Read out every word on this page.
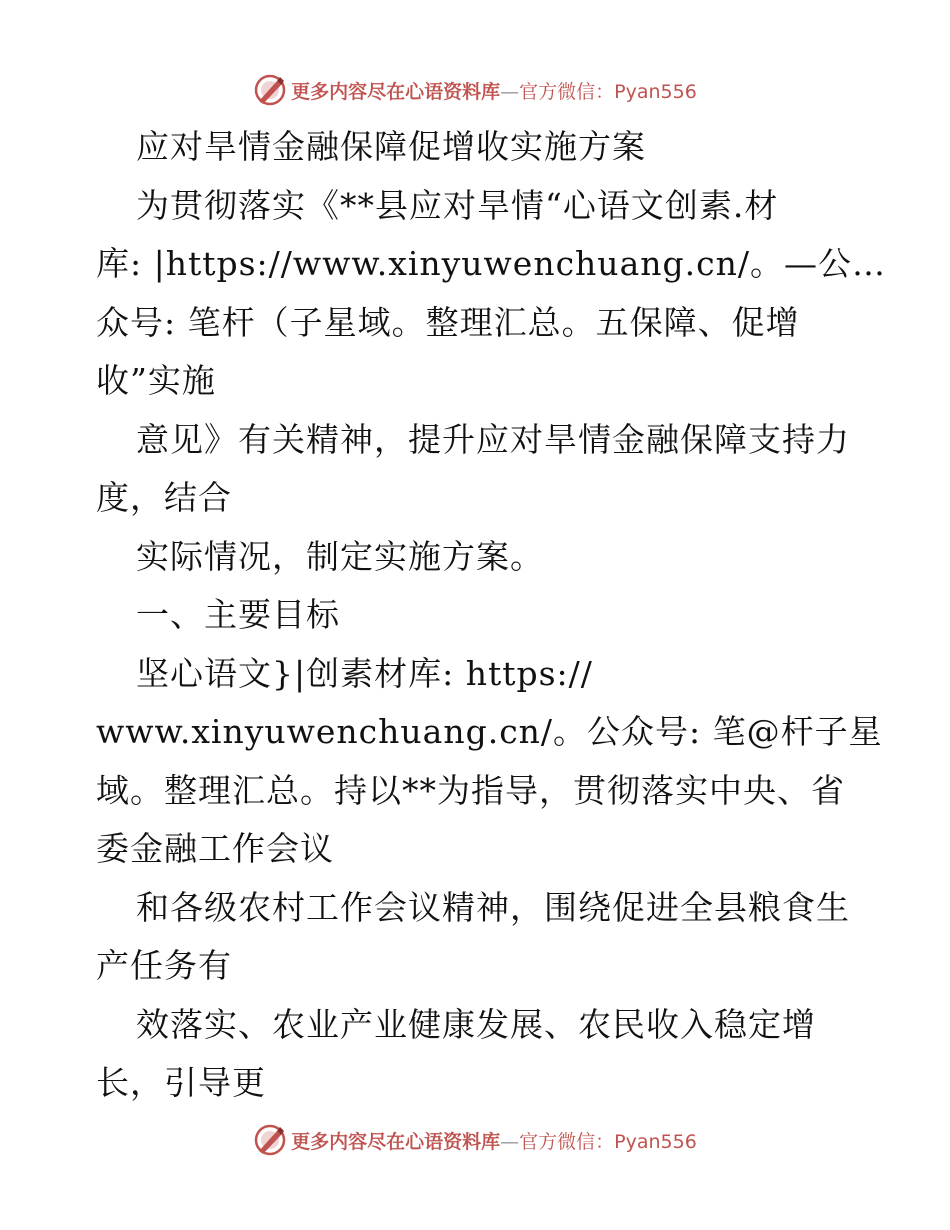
更多内容尽在心语资料库—官方微信：Pyan556
应对旱情金融保障促增收实施方案
为贯彻落实《**县应对旱情“心语文创素.材
库: |https://www.xinyuwenchuang.cn/。—公…
众号: 笔杆（子星域。整理汇总。五保障、促增
收”实施
意见》有关精神，提升应对旱情金融保障支持力
度，结合
实际情况，制定实施方案。
一、主要目标
坚心语文}|创素材库: https://
www.xinyuwenchuang.cn/。公众号: 笔@杆子星
域。整理汇总。持以**为指导，贯彻落实中央、省
委金融工作会议
和各级农村工作会议精神，围绕促进全县粮食生
产任务有
效落实、农业产业健康发展、农民收入稳定增
长，引导更
更多内容尽在心语资料库—官方微信：Pyan556
